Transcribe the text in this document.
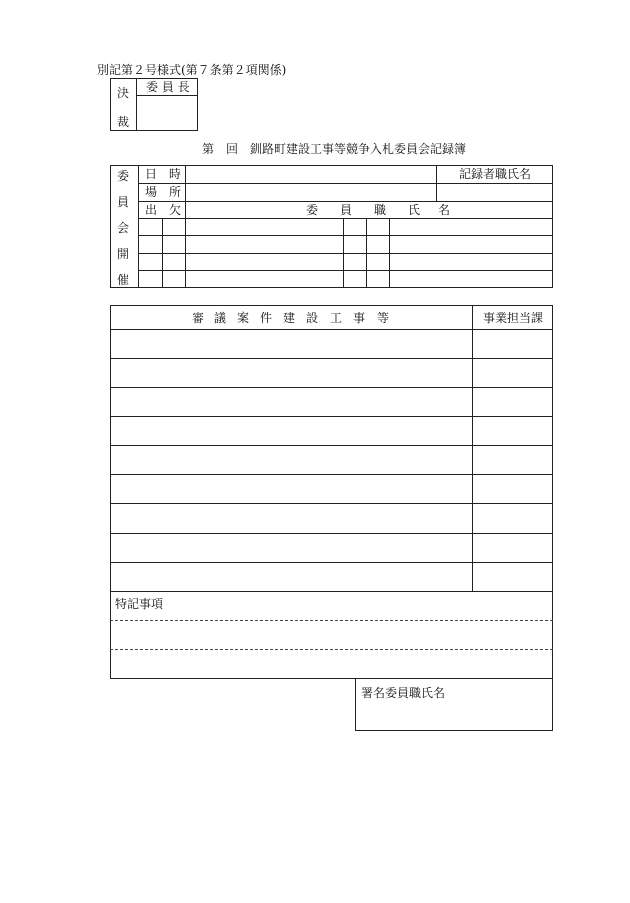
別記第２号様式(第７条第２項関係)
決
裁
委 員 長
第　回　釧路町建設工事等競争入札委員会記録簿
委
員
会
開
催
日 時
場 所
出 欠	委 員 職 氏 名
記録者職氏名
審 議 案 件 建 設 工 事 等	事業担当課
特記事項
署名委員職氏名
